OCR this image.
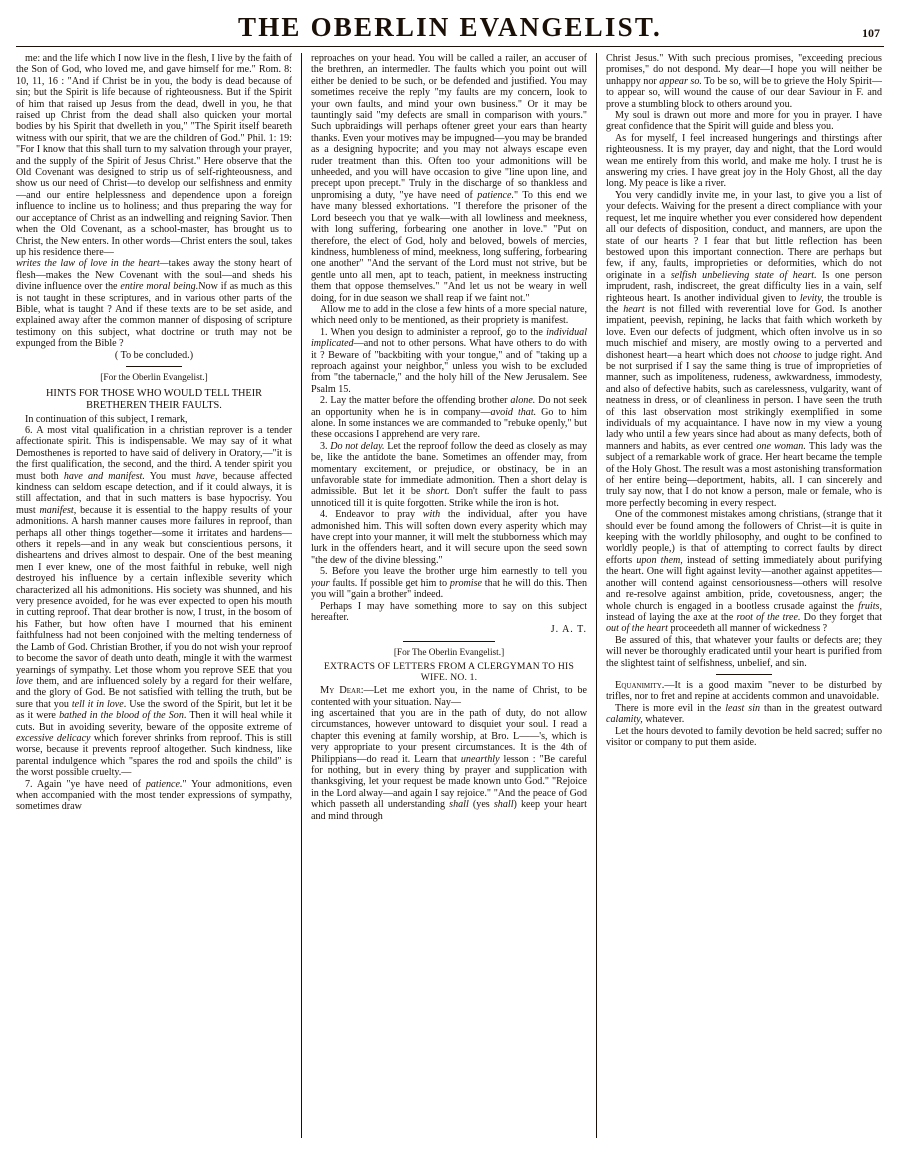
THE OBERLIN EVANGELIST.	107

me: and the life which I now live in the flesh, I live by the faith of the Son of God, who loved me, and gave himself for me." Rom. 8: 10, 11, 16 : "And if Christ be in you, the body is dead because of sin; but the Spirit is life because of righteousness. But if the Spirit of him that raised up Jesus from the dead, dwell in you, he that raised up Christ from the dead shall also quicken your mortal bodies by his Spirit that dwelleth in you," "The Spirit itself beareth witness with our spirit, that we are the children of God." Phil. 1: 19: "For I know that this shall turn to my salvation through your prayer, and the supply of the Spirit of Jesus Christ." Here observe that the Old Covenant was designed to strip us of self-righteousness, and show us our need of Christ—to develop our selfishness and enmity—and our entire helplessness and dependence upon a foreign influence to incline us to holiness; and thus preparing the way for our acceptance of Christ as an indwelling and reigning Savior. Then when the Old Covenant, as a school-master, has brought us to Christ, the New enters. In other words—Christ enters the soul, takes up his residence there—

writes the law of love in the heart—takes away the stony heart of flesh—makes the New Covenant with the soul—and sheds his divine influence over the entire moral being.Now if as much as this is not taught in these scriptures, and in various other parts of the Bible, what is taught ? And if these texts are to be set aside, and explained away after the common manner of disposing of scripture testimony on this subject, what doctrine or truth may not be expunged from the Bible ?

( To be concluded.)

[For the Oberlin Evangelist.]

HINTS FOR THOSE WHO WOULD TELL THEIR

BRETHEREN THEIR FAULTS.

In continuation of this subject, I remark,

6. A most vital qualification in a christian reprover is a tender affectionate spirit. This is indispensable. We may say of it what Demosthenes is reported to have said of delivery in Oratory,—"it is the first qualification, the second, and the third. A tender spirit you must both have and manifest. You must have, because affected kindness can seldom escape detection, and if it could always, it is still affectation, and that in such matters is base hypocrisy. You must manifest, because it is essential to the happy results of your admonitions. A harsh manner causes more failures in reproof, than perhaps all other things together—some it irritates and hardens—others it repels—and in any weak but conscientious persons, it disheartens and drives almost to despair. One of the best meaning men I ever knew, one of the most faithful in rebuke, well nigh destroyed his influence by a certain inflexible severity which characterized all his admonitions. His society was shunned, and his very presence avoided, for he was ever expected to open his mouth in cutting reproof. That dear brother is now, I trust, in the bosom of his Father, but how often have I mourned that his eminent faithfulness had not been conjoined with the melting tenderness of the Lamb of God. Christian Brother, if you do not wish your reproof to become the savor of death unto death, mingle it with the warmest yearnings of sympathy. Let those whom you reprove SEE that you love them, and are influenced solely by a regard for their welfare, and the glory of God. Be not satisfied with telling the truth, but be sure that you tell it in love. Use the sword of the Spirit, but let it be as it were bathed in the blood of the Son. Then it will heal while it cuts. But in avoiding severity, beware of the opposite extreme of excessive delicacy which forever shrinks from reproof. This is still worse, because it prevents reproof altogether. Such kindness, like parental indulgence which "spares the rod and spoils the child" is the worst possible cruelty.—

7. Again "ye have need of patience." Your admonitions, even when accompanied with the most tender expressions of sympathy, sometimes draw

reproaches on your head. You will be called a railer, an accuser of the brethren, an intermedler. The faults which you point out will either be denied to be such, or be defended and justified. You may sometimes receive the reply "my faults are my concern, look to your own faults, and mind your own business." Or it may be tauntingly said "my defects are small in comparison with yours." Such upbraidings will perhaps oftener greet your ears than hearty thanks. Even your motives may be impugned—you may be branded as a designing hypocrite; and you may not always escape even ruder treatment than this. Often too your admonitions will be unheeded, and you will have occasion to give "line upon line, and precept upon precept." Truly in the discharge of so thankless and unpromising a duty, "ye have need of patience." To this end we have many blessed exhortations. "I therefore the prisoner of the Lord beseech you that ye walk—with all lowliness and meekness, with long suffering, forbearing one another in love." "Put on therefore, the elect of God, holy and beloved, bowels of mercies, kindness, humbleness of mind, meekness, long suffering, forbearing one another" "And the servant of the Lord must not strive, but be gentle unto all men, apt to teach, patient, in meekness instructing them that oppose themselves." "And let us not be weary in well doing, for in due season we shall reap if we faint not."

Allow me to add in the close a few hints of a more special nature, which need only to be mentioned, as their propriety is manifest.

1. When you design to administer a reproof, go to the individual implicated—and not to other persons. What have others to do with it ? Beware of "backbiting with your tongue," and of "taking up a reproach against your neighbor," unless you wish to be excluded from "the tabernacle," and the holy hill of the New Jerusalem. See Psalm 15.

2. Lay the matter before the offending brother alone. Do not seek an opportunity when he is in company—avoid that. Go to him alone. In some instances we are commanded to "rebuke openly," but these occasions I apprehend are very rare.

3. Do not delay. Let the reproof follow the deed as closely as may be, like the antidote the bane. Sometimes an offender may, from momentary excitement, or prejudice, or obstinacy, be in an unfavorable state for immediate admonition. Then a short delay is admissible. But let it be short. Don't suffer the fault to pass unnoticed till it is quite forgotten. Strike while the iron is hot.

4. Endeavor to pray with the individual, after you have admonished him. This will soften down every asperity which may have crept into your manner, it will melt the stubborness which may lurk in the offenders heart, and it will secure upon the seed sown "the dew of the divine blessing."

5. Before you leave the brother urge him earnestly to tell you your faults. If possible get him to promise that he will do this. Then you will "gain a brother" indeed.

Perhaps I may have something more to say on this subject hereafter.

J. A. T.

[For The Oberlin Evangelist.]

EXTRACTS OF LETTERS FROM A CLERGYMAN TO HIS

WIFE. NO. 1.

My Dear:—Let me exhort you, in the name of Christ, to be contented with your situation. Nay—

ing ascertained that you are in the path of duty, do not allow circumstances, however untoward to disquiet your soul. I read a chapter this evening at family worship, at Bro. L——'s, which is very appropriate to your present circumstances. It is the 4th of Philippians—do read it. Learn that unearthly lesson : "Be careful for nothing, but in every thing by prayer and supplication with thanksgiving, let your request be made known unto God." "Rejoice in the Lord alway—and again I say rejoice." "And the peace of God which passeth all understanding shall (yes shall) keep your heart and mind through

Christ Jesus." With such precious promises, "exceeding precious promises," do not despond. My dear—I hope you will neither be unhappy nor appear so. To be so, will be to grieve the Holy Spirit—to appear so, will wound the cause of our dear Saviour in F. and prove a stumbling block to others around you.

My soul is drawn out more and more for you in prayer. I have great confidence that the Spirit will guide and bless you.

As for myself, I feel increased hungerings and thirstings after righteousness. It is my prayer, day and night, that the Lord would wean me entirely from this world, and make me holy. I trust he is answering my cries. I have great joy in the Holy Ghost, all the day long. My peace is like a river.

You very candidly invite me, in your last, to give you a list of your defects. Waiving for the present a direct compliance with your request, let me inquire whether you ever considered how dependent all our defects of disposition, conduct, and manners, are upon the state of our hearts ? I fear that but little reflection has been bestowed upon this important connection. There are perhaps but few, if any, faults, improprieties or deformities, which do not originate in a selfish unbelieving state of heart. Is one person imprudent, rash, indiscreet, the great difficulty lies in a vain, self righteous heart. Is another individual given to levity, the trouble is the heart is not filled with reverential love for God. Is another impatient, peevish, repining, he lacks that faith which worketh by love. Even our defects of judgment, which often involve us in so much mischief and misery, are mostly owing to a perverted and dishonest heart—a heart which does not choose to judge right. And be not surprised if I say the same thing is true of improprieties of manner, such as impoliteness, rudeness, awkwardness, immodesty, and also of defective habits, such as carelessness, vulgarity, want of neatness in dress, or of cleanliness in person. I have seen the truth of this last observation most strikingly exemplified in some individuals of my acquaintance. I have now in my view a young lady who until a few years since had about as many defects, both of manners and habits, as ever centred one woman. This lady was the subject of a remarkable work of grace. Her heart became the temple of the Holy Ghost. The result was a most astonishing transformation of her entire being—deportment, habits, all. I can sincerely and truly say now, that I do not know a person, male or female, who is more perfectly becoming in every respect.

One of the commonest mistakes among christians, (strange that it should ever be found among the followers of Christ—it is quite in keeping with the worldly philosophy, and ought to be confined to worldly people,) is that of attempting to correct faults by direct efforts upon them, instead of setting immediately about purifying the heart. One will fight against levity—another against appetites—another will contend against censoriousness—others will resolve and re-resolve against ambition, pride, covetousness, anger; the whole church is engaged in a bootless crusade against the fruits, instead of laying the axe at the root of the tree. Do they forget that out of the heart proceedeth all manner of wickedness ?

Be assured of this, that whatever your faults or defects are; they will never be thoroughly eradicated until your heart is purified from the slightest taint of selfishness, unbelief, and sin.

Equanimity.—It is a good maxim "never to be disturbed by trifles, nor to fret and repine at accidents common and unavoidable.

There is more evil in the least sin than in the greatest outward calamity, whatever.

Let the hours devoted to family devotion be held sacred; suffer no visitor or company to put them aside.
